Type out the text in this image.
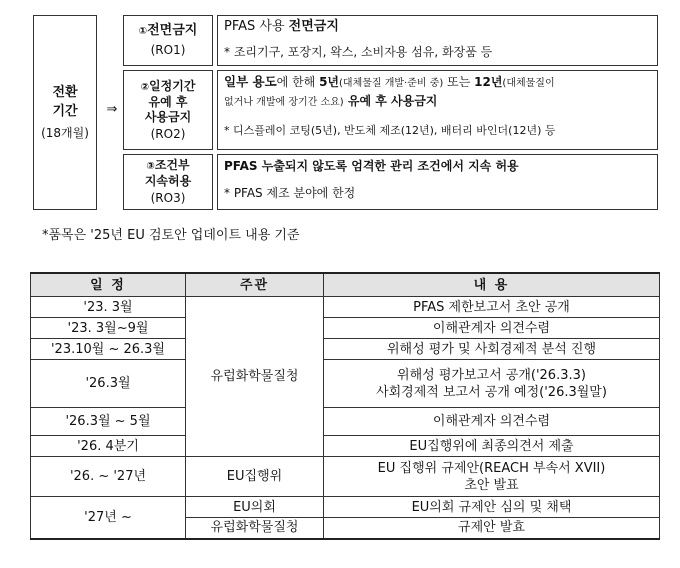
전환
기간
(18개월)
⇒
①전면금지
(RO1)
PFAS 사용 전면금지
* 조리기구, 포장지, 왁스, 소비자용 섬유, 화장품 등
②일정기간
유예 후
사용금지
(RO2)
일부 용도에 한해 5년(대체물질 개발·준비 중) 또는 12년(대체물질이
없거나 개발에 장기간 소요) 유예 후 사용금지
* 디스플레이 코팅(5년), 반도체 제조(12년), 배터리 바인더(12년) 등
③조건부
지속허용
(RO3)
PFAS 누출되지 않도록 엄격한 관리 조건에서 지속 허용
* PFAS 제조 분야에 한정
*품목은 '25년 EU 검토안 업데이트 내용 기준
일 정	주관	내 용
'23. 3월	유럽화학물질청	PFAS 제한보고서 초안 공개
'23. 3월~9월		이해관계자 의견수렴
'23.10월 ~ 26.3월		위해성 평가 및 사회경제적 분석 진행
'26.3월		위해성 평가보고서 공개('26.3.3)
사회경제적 보고서 공개 예정('26.3월말)

'26.3월 ~ 5월		이해관계자 의견수렴
'26. 4분기		EU집행위에 최종의견서 제출
'26. ~ '27년	EU집행위	EU 집행위 규제안(REACH 부속서 XVII)
초안 발표

'27년 ~	EU의회	EU의회 규제안 심의 및 채택
	유럽화학물질청	규제안 발효
